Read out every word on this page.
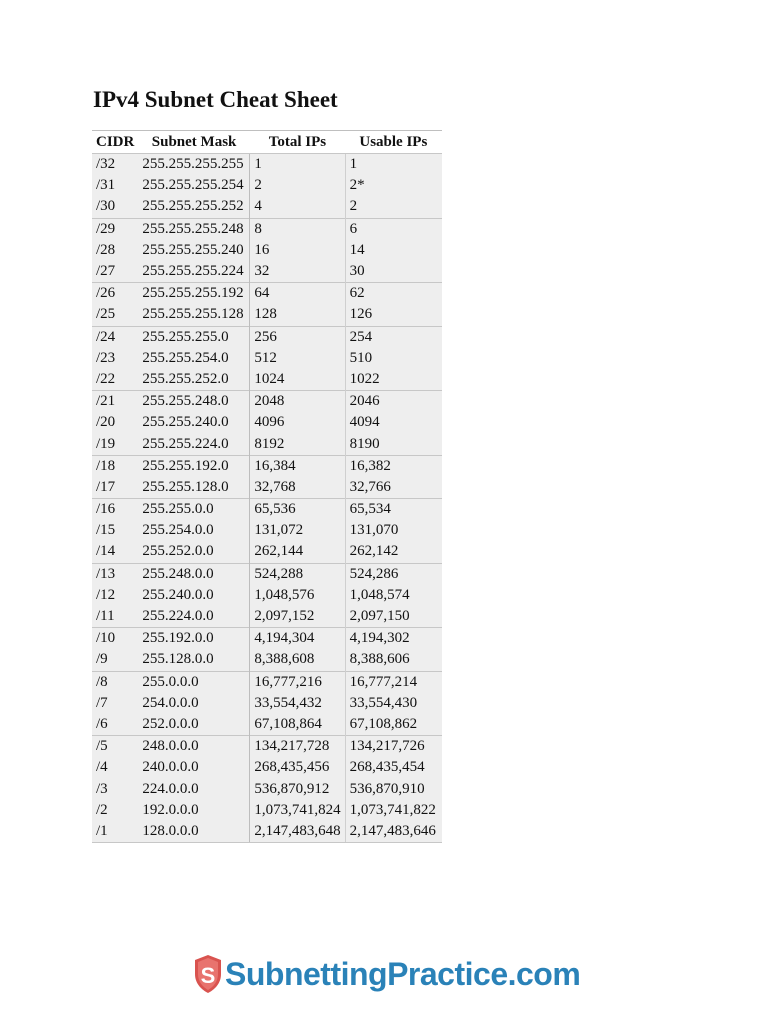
IPv4 Subnet Cheat Sheet
CIDR	Subnet Mask	Total IPs	Usable IPs
/32	255.255.255.255	1	1
/31	255.255.255.254	2	2*
/30	255.255.255.252	4	2
/29	255.255.255.248	8	6
/28	255.255.255.240	16	14
/27	255.255.255.224	32	30
/26	255.255.255.192	64	62
/25	255.255.255.128	128	126
/24	255.255.255.0	256	254
/23	255.255.254.0	512	510
/22	255.255.252.0	1024	1022
/21	255.255.248.0	2048	2046
/20	255.255.240.0	4096	4094
/19	255.255.224.0	8192	8190
/18	255.255.192.0	16,384	16,382
/17	255.255.128.0	32,768	32,766
/16	255.255.0.0	65,536	65,534
/15	255.254.0.0	131,072	131,070
/14	255.252.0.0	262,144	262,142
/13	255.248.0.0	524,288	524,286
/12	255.240.0.0	1,048,576	1,048,574
/11	255.224.0.0	2,097,152	2,097,150
/10	255.192.0.0	4,194,304	4,194,302
/9	255.128.0.0	8,388,608	8,388,606
/8	255.0.0.0	16,777,216	16,777,214
/7	254.0.0.0	33,554,432	33,554,430
/6	252.0.0.0	67,108,864	67,108,862
/5	248.0.0.0	134,217,728	134,217,726
/4	240.0.0.0	268,435,456	268,435,454
/3	224.0.0.0	536,870,912	536,870,910
/2	192.0.0.0	1,073,741,824	1,073,741,822
/1	128.0.0.0	2,147,483,648	2,147,483,646
S SubnettingPractice.com
